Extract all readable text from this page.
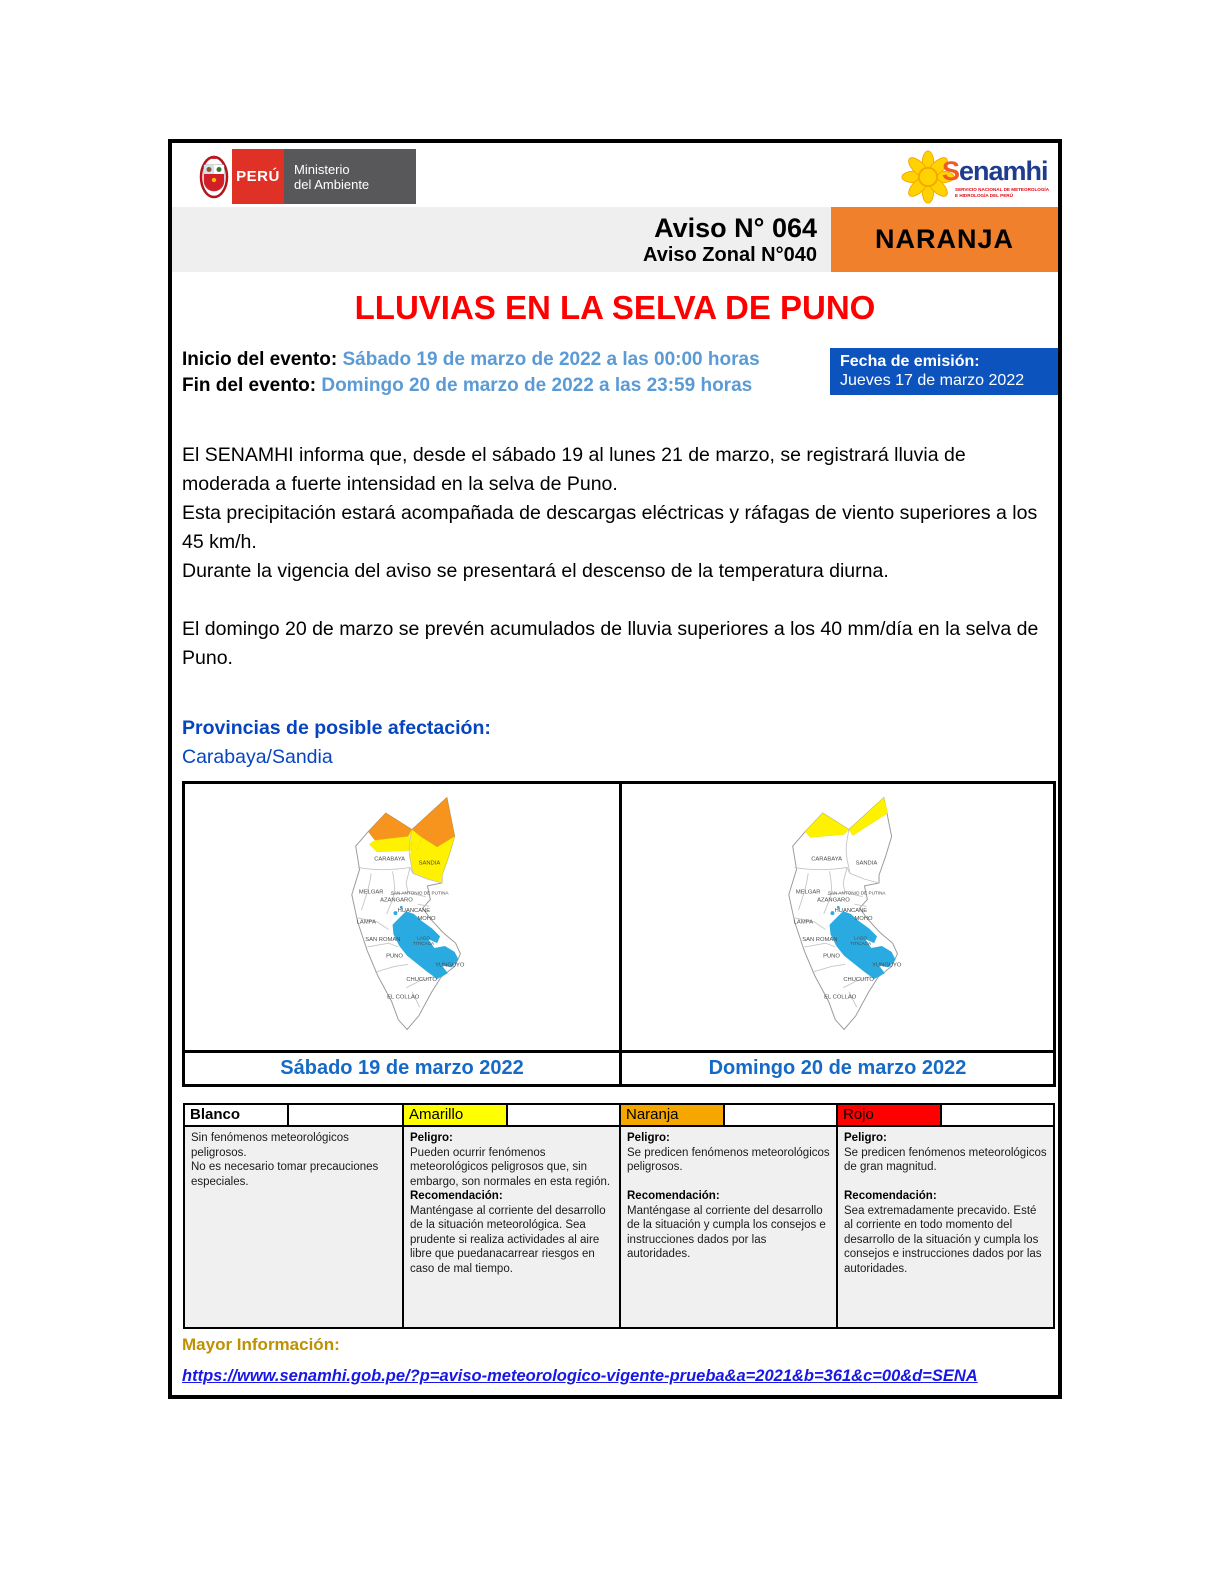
PERÚ Ministerio
del Ambiente	Senamhi
SERVICIO NACIONAL DE METEOROLOGÍA
E HIDROLOGÍA DEL PERÚ
Aviso N° 064
Aviso Zonal N°040
NARANJA
LLUVIAS EN LA SELVA DE PUNO
Inicio del evento: Sábado 19 de marzo de 2022 a las 00:00 horas
Fin del evento: Domingo 20 de marzo de 2022 a las 23:59 horas
Fecha de emisión:
Jueves 17 de marzo 2022

El SENAMHI informa que, desde el sábado 19 al lunes 21 de marzo, se registrará lluvia de moderada a fuerte intensidad en la selva de Puno.

Esta precipitación estará acompañada de descargas eléctricas y ráfagas de viento superiores a los 45 km/h.

Durante la vigencia del aviso se presentará el descenso de la temperatura diurna.

El domingo 20 de marzo se prevén acumulados de lluvia superiores a los 40 mm/día en la selva de Puno.

Provincias de posible afectación:
Carabaya/Sandia
CARABAYA
SANDIA
MELGAR SAN ANTONIO DE PUTINA
AZANGARO
HUANCANE
MOHO
LAMPA
SAN ROMAN	LAGO
TITICACA
PUNO
YUNGUYO
CHUCUITO
EL COLLAO
CARABAYA
SANDIA
MELGAR SAN ANTONIO DE PUTINA
AZANGARO
HUANCANE
MOHO
LAMPA
SAN ROMAN	LAGO
TITICACA
PUNO
YUNGUYO
CHUCUITO
EL COLLAO
Sábado 19 de marzo 2022	Domingo 20 de marzo 2022
Blanco
Sin fenómenos meteorológicos peligrosos.
No es necesario tomar precauciones especiales.
Amarillo
Peligro:
Pueden ocurrir fenómenos meteorológicos peligrosos que, sin embargo, son normales en esta región.
Recomendación:
Manténgase al corriente del desarrollo de la situación meteorológica. Sea prudente si realiza actividades al aire libre que puedanacarrear riesgos en caso de mal tiempo.
Naranja
Peligro:
Se predicen fenómenos meteorológicos peligrosos.
Recomendación:
Manténgase al corriente del desarrollo de la situación y cumpla los consejos e instrucciones dados por las autoridades.
Rojo
Peligro:
Se predicen fenómenos meteorológicos de gran magnitud.
Recomendación:
Sea extremadamente precavido. Esté al corriente en todo momento del desarrollo de la situación y cumpla los consejos e instrucciones dados por las autoridades.
Mayor Información:
https://www.senamhi.gob.pe/?p=aviso-meteorologico-vigente-prueba&a=2021&b=361&c=00&d=SENA
